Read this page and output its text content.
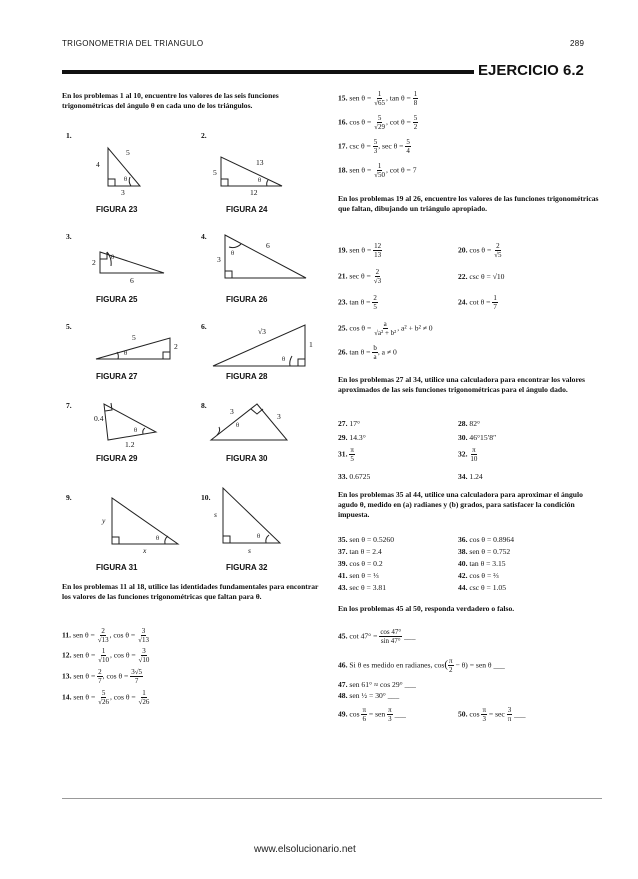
TRIGONOMETRIA DEL TRIANGULO	289
EJERCICIO 6.2
En los problemas 1 al 10, encuentre los valores de las seis funciones trigonométricas del ángulo θ en cada uno de los triángulos.
1.
4
5
3
θ
FIGURA 23
2.
5
13
12
θ
FIGURA 24
3.
2
6
θ
FIGURA 25
4.
3
6
θ
FIGURA 26
5.
5
2
θ
FIGURA 27
6.
√3
1
θ
FIGURA 28
7.
0.4
1.2
θ
FIGURA 29
8.
3
3
θ
FIGURA 30
9.
y
x
θ
FIGURA 31
10.
s
s
θ
FIGURA 32
En los problemas 11 al 18, utilice las identidades fundamentales para encontrar los valores de las funciones trigonométricas que faltan para θ.
11. sen $\theta = \frac{2}{√13}$ , $\cos \theta = \frac{3}{√13}$
12. sen $\theta = \frac{1}{√10}$ , $\cos \theta = \frac{3}{√10}$
13. sen $\theta = \frac{2}{7}$ , $\cos \theta = \frac{3√5}{7}$
14. sen $\theta = \frac{5}{√26}$ , $\cos \theta = \frac{1}{√26}$
15. sen $\theta = \frac{1}{√65}$ , $\tan \theta = \frac{1}{8}$
16. $\cos \theta = \frac{5}{√29}$ , $\cot \theta = \frac{5}{2}$
17. $\csc \theta = \frac{5}{3}$ , $\sec \theta = \frac{5}{4}$
18. sen $\theta = \frac{1}{√50}$ , cot θ = 7
En los problemas 19 al 26, encuentre los valores de las funciones trigonométricas que faltan, dibujando un triángulo apropiado.
19. sen $\theta = \frac{12}{13}$	20. $\cos \theta = \frac{2}{√5}$
21. $\sec \theta = \frac{2}{√3}$	22. csc θ = √10
23. $\tan \theta = \frac{2}{5}$	24. $\cot \theta = \frac{1}{7}$
25. $\cos \theta = \frac{a}{\text{√a² + b²}}$ , a² + b² ≠ 0
26. $\tan \theta = \frac{b}{a}$ , a ≠ 0
En los problemas 27 al 34, utilice una calculadora para encontrar los valores aproximados de las seis funciones trigonométricas para el ángulo dado.
27. 17°	28. 82°
29. 14.3°	30. 46°15′8″
31. $\frac{\pi}{5}$	32. $\frac{\pi}{10}$
33. 0.6725	34. 1.24
En los problemas 35 al 44, utilice una calculadora para aproximar el ángulo agudo θ, medido en (a) radianes y (b) grados, para satisfacer la condición impuesta.
35. sen θ = 0.5260	36. cos θ = 0.8964
37. tan θ = 2.4	38. sen θ = 0.752
39. cos θ = 0.2	40. tan θ = 3.15
41. sen θ = ⅓	42. cos θ = ⅔
43. sec θ = 3.81	44. csc θ = 1.05
En los problemas 45 al 50, responda verdadero o falso.
45. $\cot 47^\circ = \frac{\cos 47^\circ}{\sin 47^\circ}$ ___
46. Si θ es medido en radianes, $\cos( \frac{\pi}{2} - \theta)$ = sen θ ___
47. sen 61° ≈ cos 29° ___
48. sen ½ = 30° ___
49. $\cos \frac{\pi}{6}$ = sen $\frac{\pi}{3}$ ___	50. $\cos \frac{\pi}{3} = \sec \frac{3}{\pi}$ ___
www.elsolucionario.net
